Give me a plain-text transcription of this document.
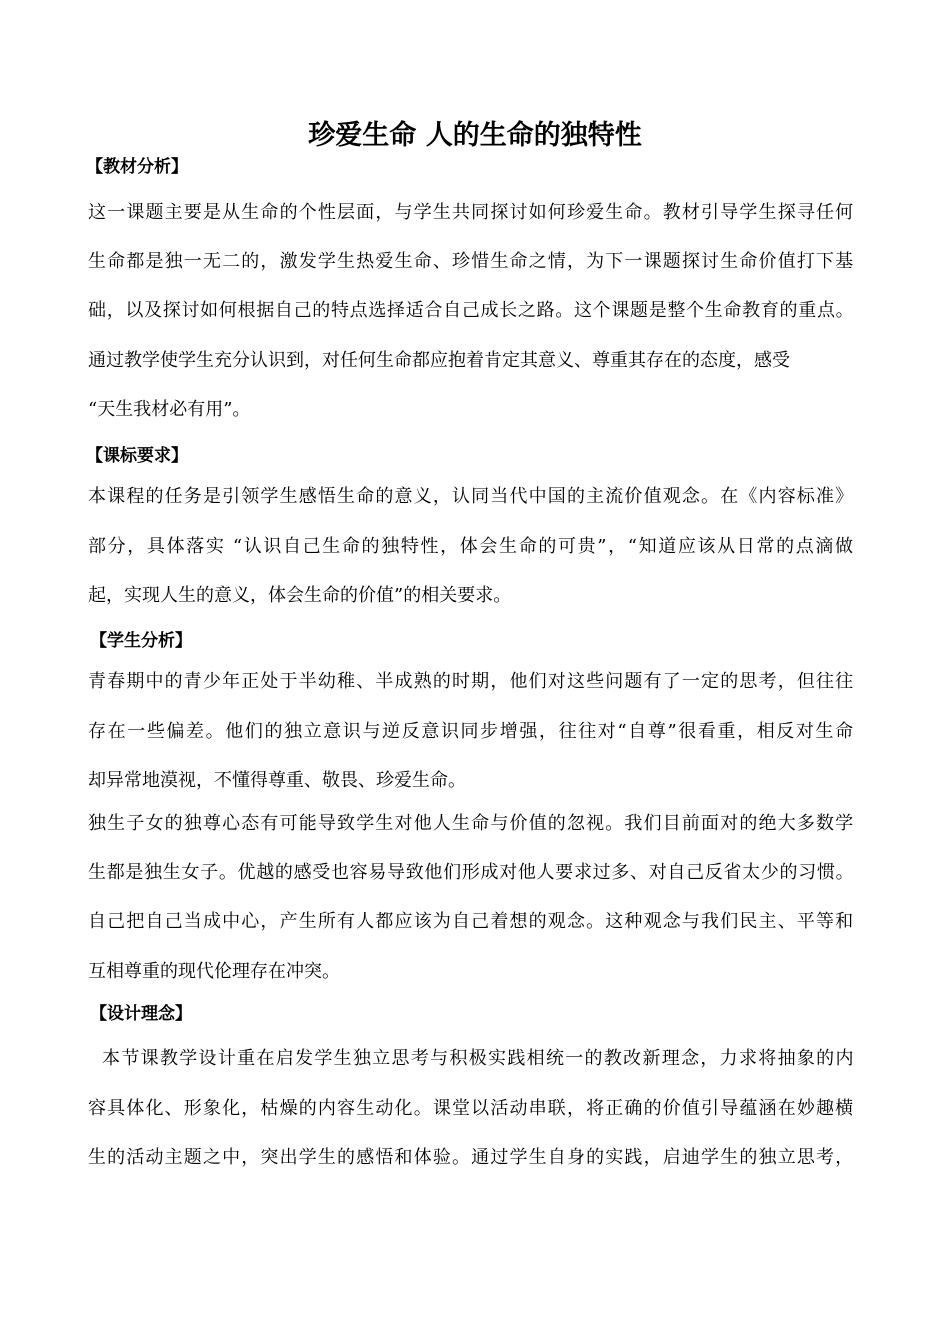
珍爱生命 人的生命的独特性
【教材分析】

这一课题主要是从生命的个性层面，与学生共同探讨如何珍爱生命。教材引导学生探寻任何

生命都是独一无二的，激发学生热爱生命、珍惜生命之情，为下一课题探讨生命价值打下基

础，以及探讨如何根据自己的特点选择适合自己成长之路。这个课题是整个生命教育的重点。

通过教学使学生充分认识到，对任何生命都应抱着肯定其意义、尊重其存在的态度，感受

“天生我材必有用”。

【课标要求】

本课程的任务是引领学生感悟生命的意义，认同当代中国的主流价值观念。在《内容标准》

部分，具体落实 “认识自己生命的独特性，体会生命的可贵”，“知道应该从日常的点滴做

起，实现人生的意义，体会生命的价值”的相关要求。

【学生分析】

青春期中的青少年正处于半幼稚、半成熟的时期，他们对这些问题有了一定的思考，但往往

存在一些偏差。他们的独立意识与逆反意识同步增强，往往对“自尊”很看重，相反对生命

却异常地漠视，不懂得尊重、敬畏、珍爱生命。

独生子女的独尊心态有可能导致学生对他人生命与价值的忽视。我们目前面对的绝大多数学

生都是独生女子。优越的感受也容易导致他们形成对他人要求过多、对自己反省太少的习惯。

自己把自己当成中心，产生所有人都应该为自己着想的观念。这种观念与我们民主、平等和

互相尊重的现代伦理存在冲突。

【设计理念】

本节课教学设计重在启发学生独立思考与积极实践相统一的教改新理念，力求将抽象的内

容具体化、形象化，枯燥的内容生动化。课堂以活动串联，将正确的价值引导蕴涵在妙趣横

生的活动主题之中，突出学生的感悟和体验。通过学生自身的实践，启迪学生的独立思考，
